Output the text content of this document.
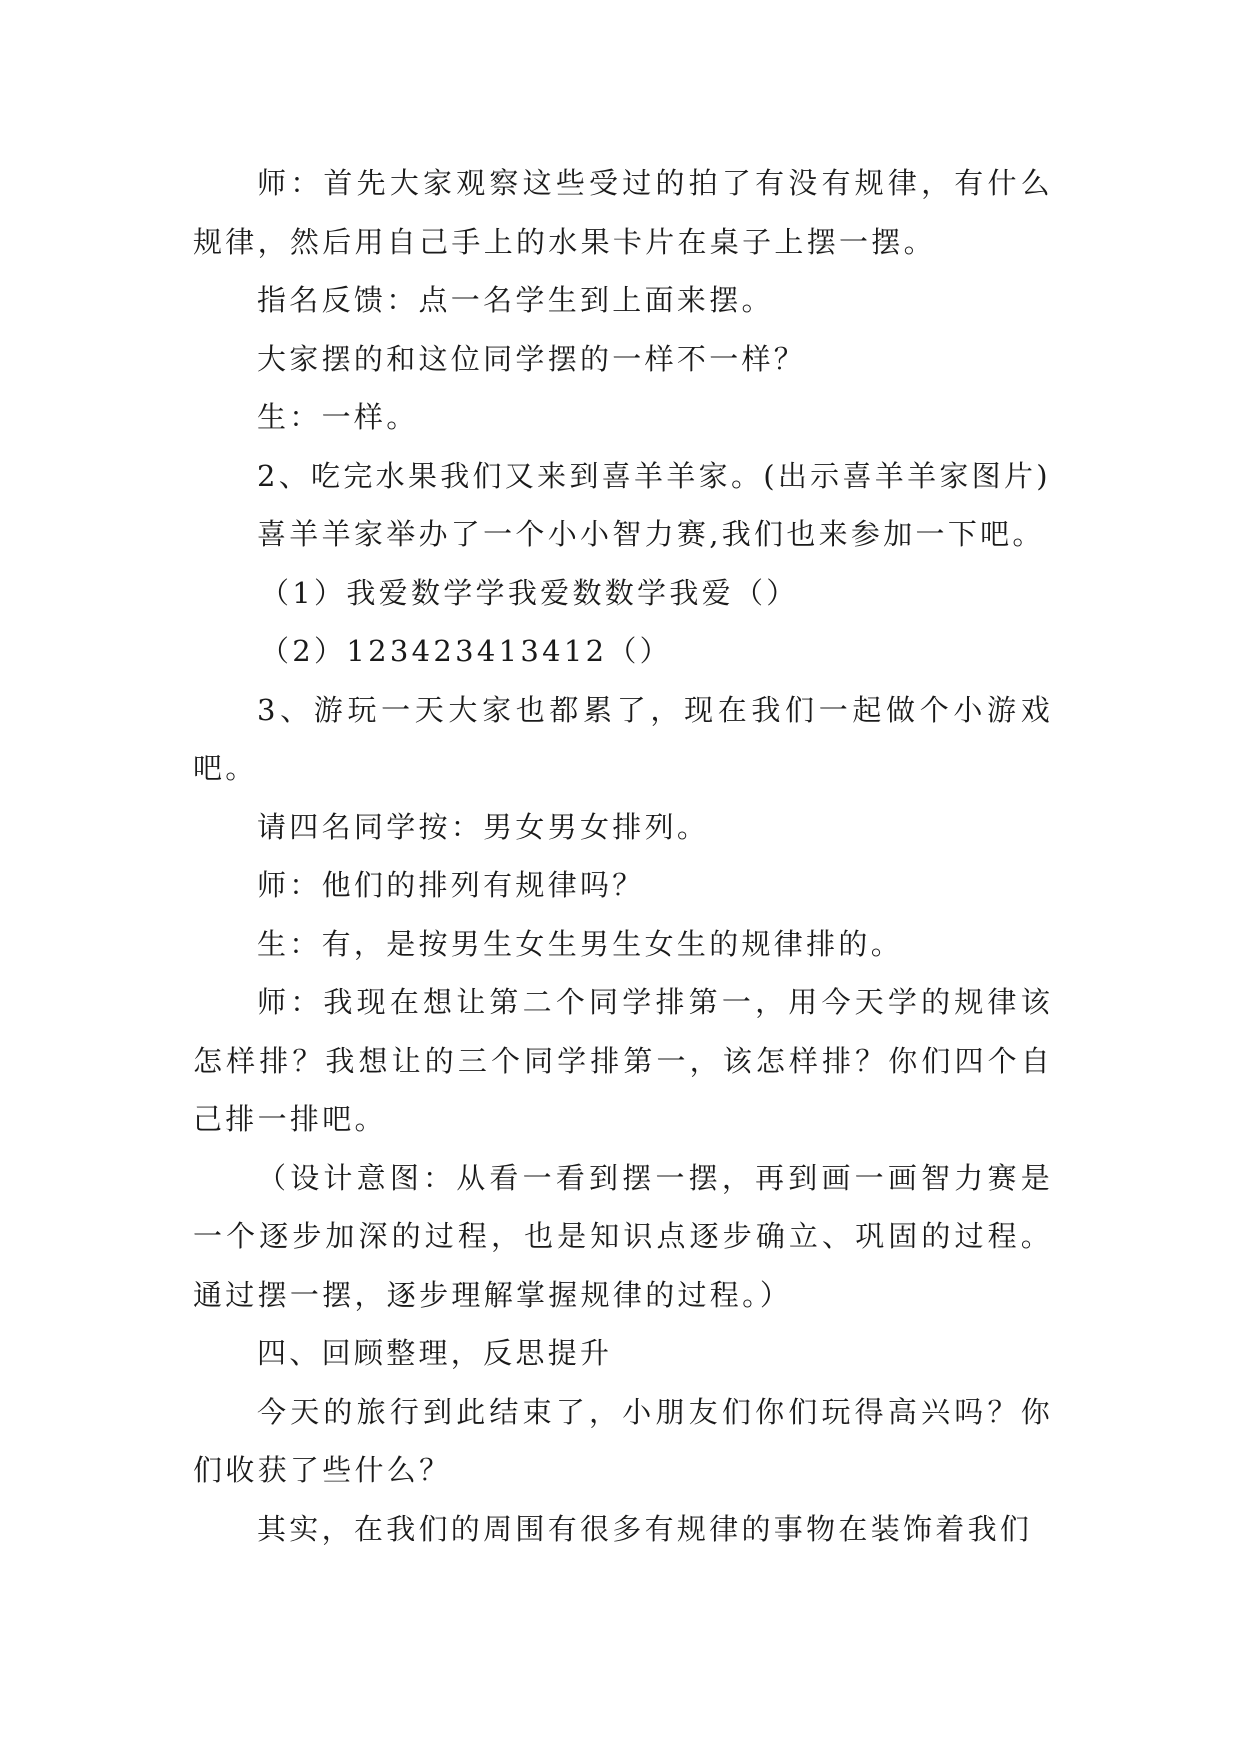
师：首先大家观察这些受过的拍了有没有规律，有什么规律，然后用自己手上的水果卡片在桌子上摆一摆。

指名反馈：点一名学生到上面来摆。

大家摆的和这位同学摆的一样不一样？

生：一样。

2、吃完水果我们又来到喜羊羊家。(出示喜羊羊家图片)

喜羊羊家举办了一个小小智力赛,我们也来参加一下吧。

（1）我爱数学学我爱数数学我爱（）

（2）123423413412（）

3、游玩一天大家也都累了，现在我们一起做个小游戏吧。

请四名同学按：男女男女排列。

师：他们的排列有规律吗？

生：有，是按男生女生男生女生的规律排的。

师：我现在想让第二个同学排第一，用今天学的规律该怎样排？我想让的三个同学排第一，该怎样排？你们四个自己排一排吧。

（设计意图：从看一看到摆一摆，再到画一画智力赛是一个逐步加深的过程，也是知识点逐步确立、巩固的过程。通过摆一摆，逐步理解掌握规律的过程。）

四、回顾整理，反思提升

今天的旅行到此结束了，小朋友们你们玩得高兴吗？你们收获了些什么？

其实，在我们的周围有很多有规律的事物在装饰着我们
